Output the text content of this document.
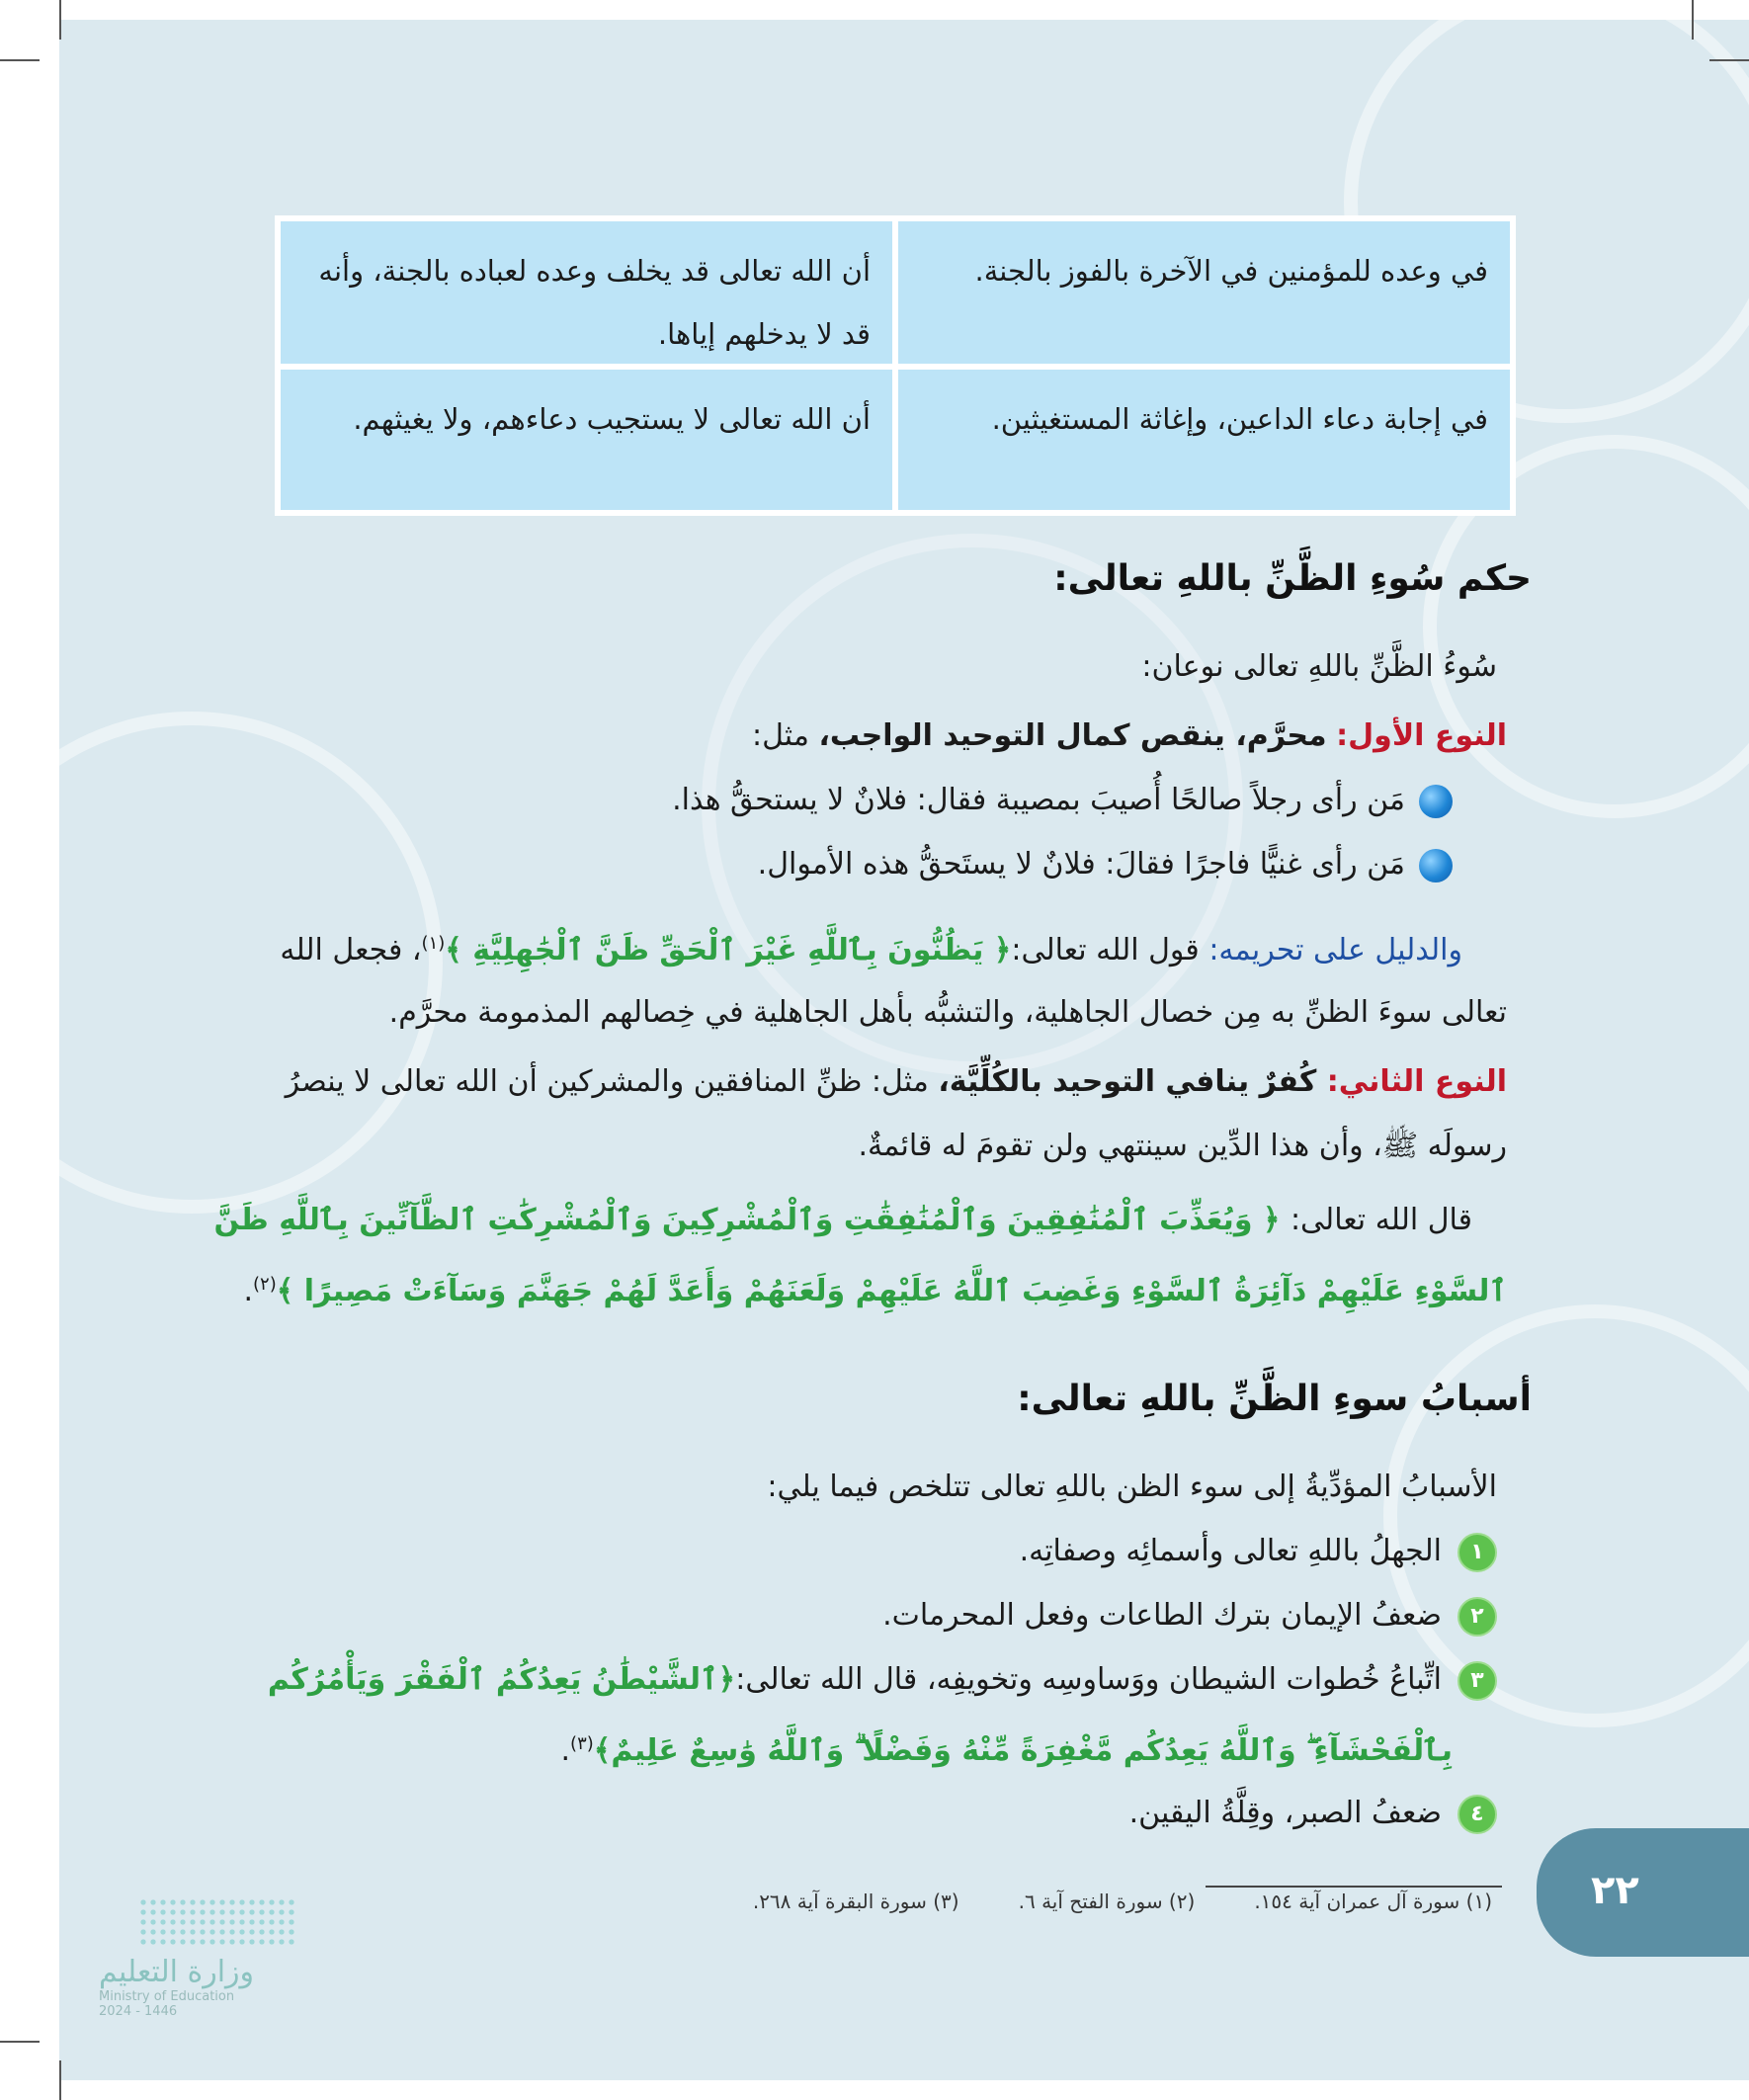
في وعده للمؤمنين في الآخرة بالفوز بالجنة.
أن الله تعالى قد يخلف وعده لعباده بالجنة، وأنه قد لا يدخلهم إياها.
في إجابة دعاء الداعين، وإغاثة المستغيثين.
أن الله تعالى لا يستجيب دعاءهم، ولا يغيثهم.
حكم سُوءِ الظَّنِّ باللهِ تعالى:
سُوءُ الظَّنِّ باللهِ تعالى نوعان:
النوع الأول: محرَّم، ينقص كمال التوحيد الواجب، مثل:
مَن رأى رجلاً صالحًا أُصيبَ بمصيبة فقال: فلانٌ لا يستحقُّ هذا.
مَن رأى غنيًّا فاجرًا فقالَ: فلانٌ لا يستَحقُّ هذه الأموال.
والدليل على تحريمه: قول الله تعالى:﴿ يَظُنُّونَ بِٱللَّهِ غَيْرَ ٱلْحَقِّ ظَنَّ ٱلْجَٰهِلِيَّةِ ﴾$^{(١)}$، فجعل الله
تعالى سوءَ الظنِّ به مِن خصال الجاهلية، والتشبُّه بأهل الجاهلية في خِصالهم المذمومة محرَّم.
النوع الثاني: كُفرٌ ينافي التوحيد بالكُلِّيَّة، مثل: ظنِّ المنافقين والمشركين أن الله تعالى لا ينصرُ
رسولَه ﷺ، وأن هذا الدِّين سينتهي ولن تقومَ له قائمةٌ.
قال الله تعالى: ﴿ وَيُعَذِّبَ ٱلْمُنَٰفِقِينَ وَٱلْمُنَٰفِقَٰتِ وَٱلْمُشْرِكِينَ وَٱلْمُشْرِكَٰتِ ٱلظَّآنِّينَ بِٱللَّهِ ظَنَّ
ٱلسَّوْءِ عَلَيْهِمْ دَآئِرَةُ ٱلسَّوْءِ وَغَضِبَ ٱللَّهُ عَلَيْهِمْ وَلَعَنَهُمْ وَأَعَدَّ لَهُمْ جَهَنَّمَ وَسَآءَتْ مَصِيرًا ﴾$^{(٢)}$.
أسبابُ سوءِ الظَّنِّ باللهِ تعالى:
الأسبابُ المؤدِّيةُ إلى سوء الظن باللهِ تعالى تتلخص فيما يلي:
١الجهلُ باللهِ تعالى وأسمائِه وصفاتِه.
٢ضعفُ الإيمان بترك الطاعات وفعل المحرمات.
٣اتِّباعُ خُطوات الشيطان ووَساوسِه وتخويفِه، قال الله تعالى:﴿ٱلشَّيْطَٰنُ يَعِدُكُمُ ٱلْفَقْرَ وَيَأْمُرُكُم
بِٱلْفَحْشَآءِ ۖ وَٱللَّهُ يَعِدُكُم مَّغْفِرَةً مِّنْهُ وَفَضْلًا ۗ وَٱللَّهُ وَٰسِعٌ عَلِيمٌ﴾$^{(٣)}$.
٤ضعفُ الصبر، وقِلَّةُ اليقين.
(١) سورة آل عمران آية ١٥٤.
(٢) سورة الفتح آية ٦.
(٣) سورة البقرة آية ٢٦٨.	٢٢
وزارة التعليم
Ministry of Education
2024 - 1446
